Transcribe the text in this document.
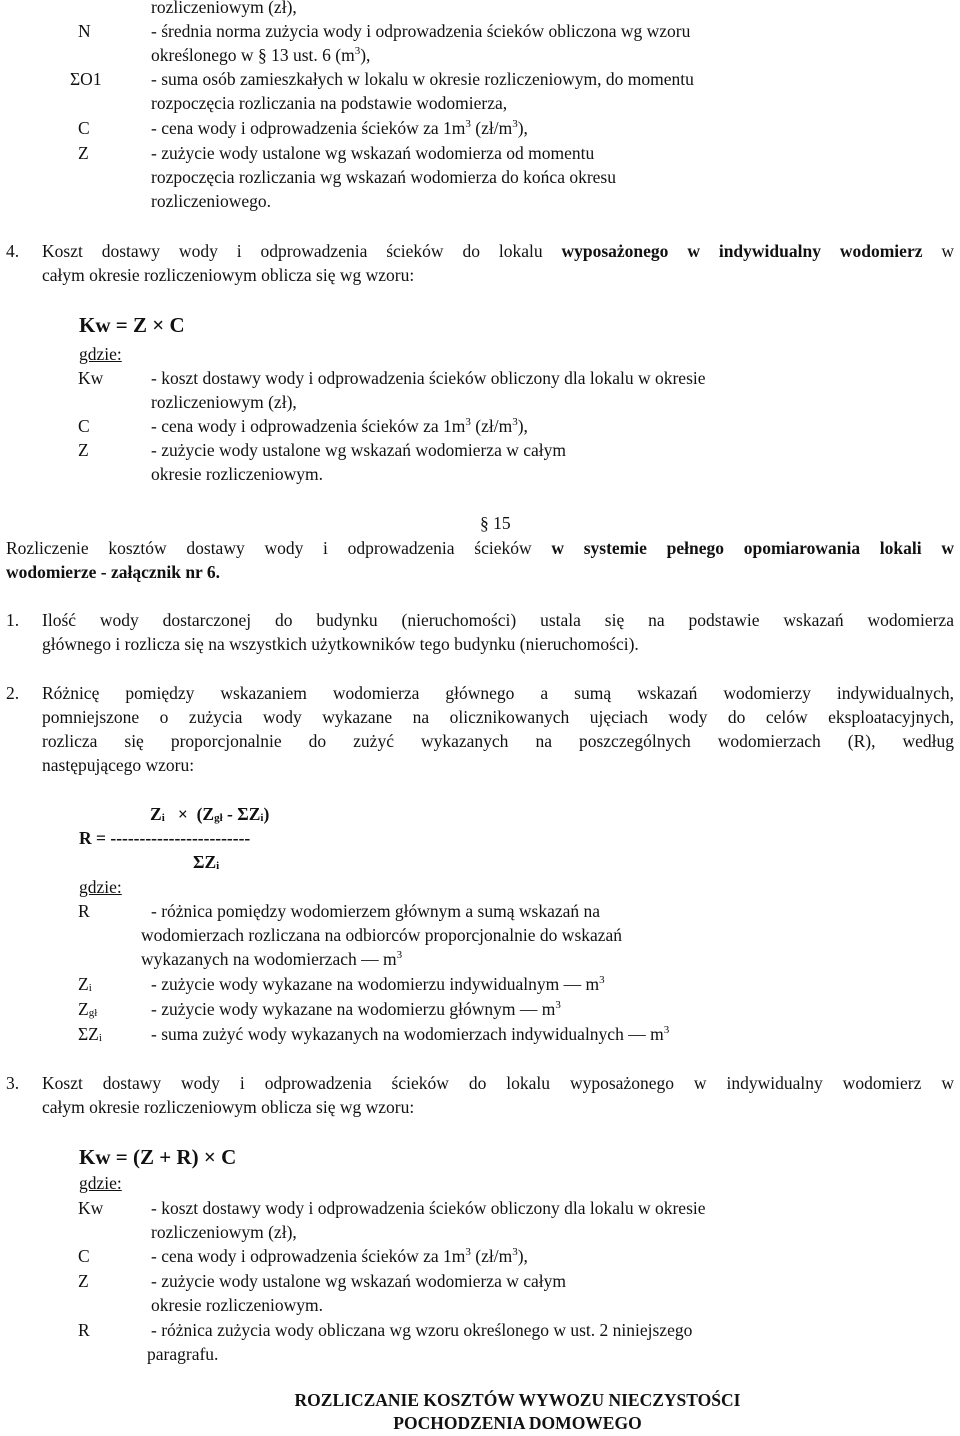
rozliczeniowym (zł),
N	- średnia norma zużycia wody i odprowadzenia ścieków obliczona wg wzoru
określonego w § 13 ust. 6 $(m^3)$,
ΣO1	- suma osób zamieszkałych w lokalu w okresie rozliczeniowym, do momentu
rozpoczęcia rozliczania na podstawie wodomierza,
C	- cena wody i odprowadzenia ścieków za $1m^3$ $(zł/m^3)$,
Z	- zużycie wody ustalone wg wskazań wodomierza od momentu
rozpoczęcia rozliczania wg wskazań wodomierza do końca okresu
rozliczeniowego.
4. Koszt dostawy wody i odprowadzenia ścieków do lokalu wyposażonego w indywidualny wodomierz w
całym okresie rozliczeniowym oblicza się wg wzoru:
Kw = Z × C
gdzie:
Kw	- koszt dostawy wody i odprowadzenia ścieków obliczony dla lokalu w okresie
rozliczeniowym (zł),
C	- cena wody i odprowadzenia ścieków za $1m^3$ $(zł/m^3)$,
Z	- zużycie wody ustalone wg wskazań wodomierza w całym
okresie rozliczeniowym.
§ 15
Rozliczenie kosztów dostawy wody i odprowadzenia ścieków w systemie pełnego opomiarowania lokali w
wodomierze - załącznik nr 6.
1. Ilość wody dostarczonej do budynku (nieruchomości) ustala się na podstawie wskazań wodomierza
głównego i rozlicza się na wszystkich użytkowników tego budynku (nieruchomości).
2. Różnicę pomiędzy wskazaniem wodomierza głównego a sumą wskazań wodomierzy indywidualnych,
pomniejszone o zużycia wody wykazane na olicznikowanych ujęciach wody do celów eksploatacyjnych,
rozlicza się proporcjonalnie do zużyć wykazanych na poszczególnych wodomierzach (R), według
następującego wzoru:
$Z_i \times (Z_{gł} - \Sigma Z_i)$
R = ------------------------
$\Sigma Z_i$
gdzie:
R	- różnica pomiędzy wodomierzem głównym a sumą wskazań na
wodomierzach rozliczana na odbiorców proporcjonalnie do wskazań
wykazanych na wodomierzach — $m^3$
$Z_i$	- zużycie wody wykazane na wodomierzu indywidualnym — $m^3$
$Z_{gł}$	- zużycie wody wykazane na wodomierzu głównym — $m^3$
$\Sigma Z_i$	- suma zużyć wody wykazanych na wodomierzach indywidualnych — $m^3$
3. Koszt dostawy wody i odprowadzenia ścieków do lokalu wyposażonego w indywidualny wodomierz w
całym okresie rozliczeniowym oblicza się wg wzoru:
Kw = (Z + R) × C
gdzie:
Kw	- koszt dostawy wody i odprowadzenia ścieków obliczony dla lokalu w okresie
rozliczeniowym (zł),
C	- cena wody i odprowadzenia ścieków za $1m^3$ $(zł/m^3)$,
Z	- zużycie wody ustalone wg wskazań wodomierza w całym
okresie rozliczeniowym.
R	- różnica zużycia wody obliczana wg wzoru określonego w ust. 2 niniejszego
paragrafu.
ROZLICZANIE KOSZTÓW WYWOZU NIECZYSTOŚCI
POCHODZENIA DOMOWEGO
